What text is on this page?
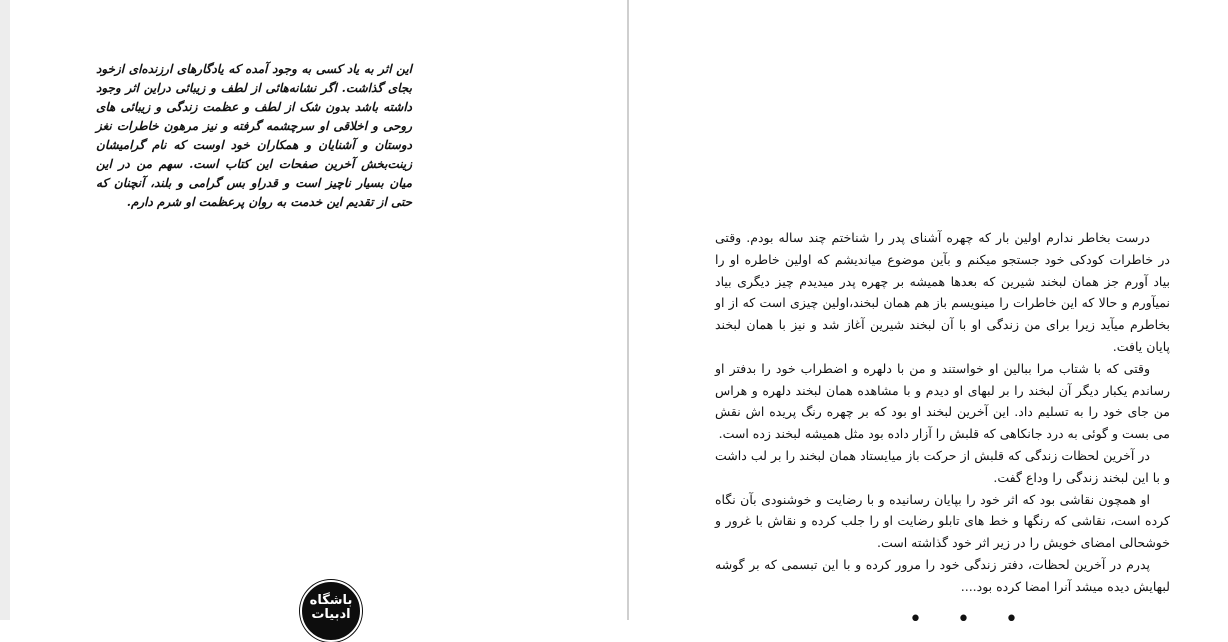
این اثر به یاد کسی به وجود آمده که یادگارهای ارزنده‌ای ازخود بجای گذاشت. اگر نشانه‌هائی از لطف و زیبائی دراین اثر وجود داشته باشد بدون شک از لطف و عظمت زندگی و زیبائی های روحی و اخلاقی او سرچشمه گرفته و نیز مرهون خاطرات نغز دوستان و آشنایان و همکاران خود اوست که نام گرامیشان زینت‌بخش آخرین صفحات این کتاب است. سهم من در این میان بسیار ناچیز است و قدراو بس گرامی و بلند، آنچنان که حتی از تقدیم این خدمت به روان پرعظمت او شرم دارم.
باشگاه ادبیات

درست بخاطر ندارم اولین بار که چهره آشنای پدر را شناختم چند ساله بودم. وقتی در خاطرات کودکی خود جستجو میکنم و بآین موضوع میاندیشم که اولین خاطره او را بیاد آورم جز همان لبخند شیرین که بعدها همیشه بر چهره پدر میدیدم چیز دیگری بیاد نمیآورم و حالا که این خاطرات را مینویسم باز هم همان لبخند،اولین چیزی است که از او بخاطرم میآید زیرا برای من زندگی او با آن لبخند شیرین آغاز شد و نیز با همان لبخند پایان یافت.

وقتی که با شتاب مرا ببالین او خواستند و من با دلهره و اضطراب خود را بدفتر او رساندم یکبار دیگر آن لبخند را بر لبهای او دیدم و با مشاهده همان لبخند دلهره و هراس من جای خود را به تسلیم داد. این آخرین لبخند او بود که بر چهره رنگ پریده اش نقش می بست و گوئی به درد جانکاهی که قلبش را آزار داده بود مثل همیشه لبخند زده است.

در آخرین لحظات زندگی که قلبش از حرکت باز میایستاد همان لبخند را بر لب داشت و با این لبخند زندگی را وداع گفت.

او همچون نقاشی بود که اثر خود را بپایان رسانیده و با رضایت و خوشنودی بآن نگاه کرده است، نقاشی که رنگها و خط های تابلو رضایت او را جلب کرده و نقاش با غرور و خوشحالی امضای خویش را در زیر اثر خود گذاشته است.

پدرم در آخرین لحظات، دفتر زندگی خود را مرور کرده و با این تبسمی که بر گوشه لبهایش دیده میشد آنرا امضا کرده بود....

• • •
